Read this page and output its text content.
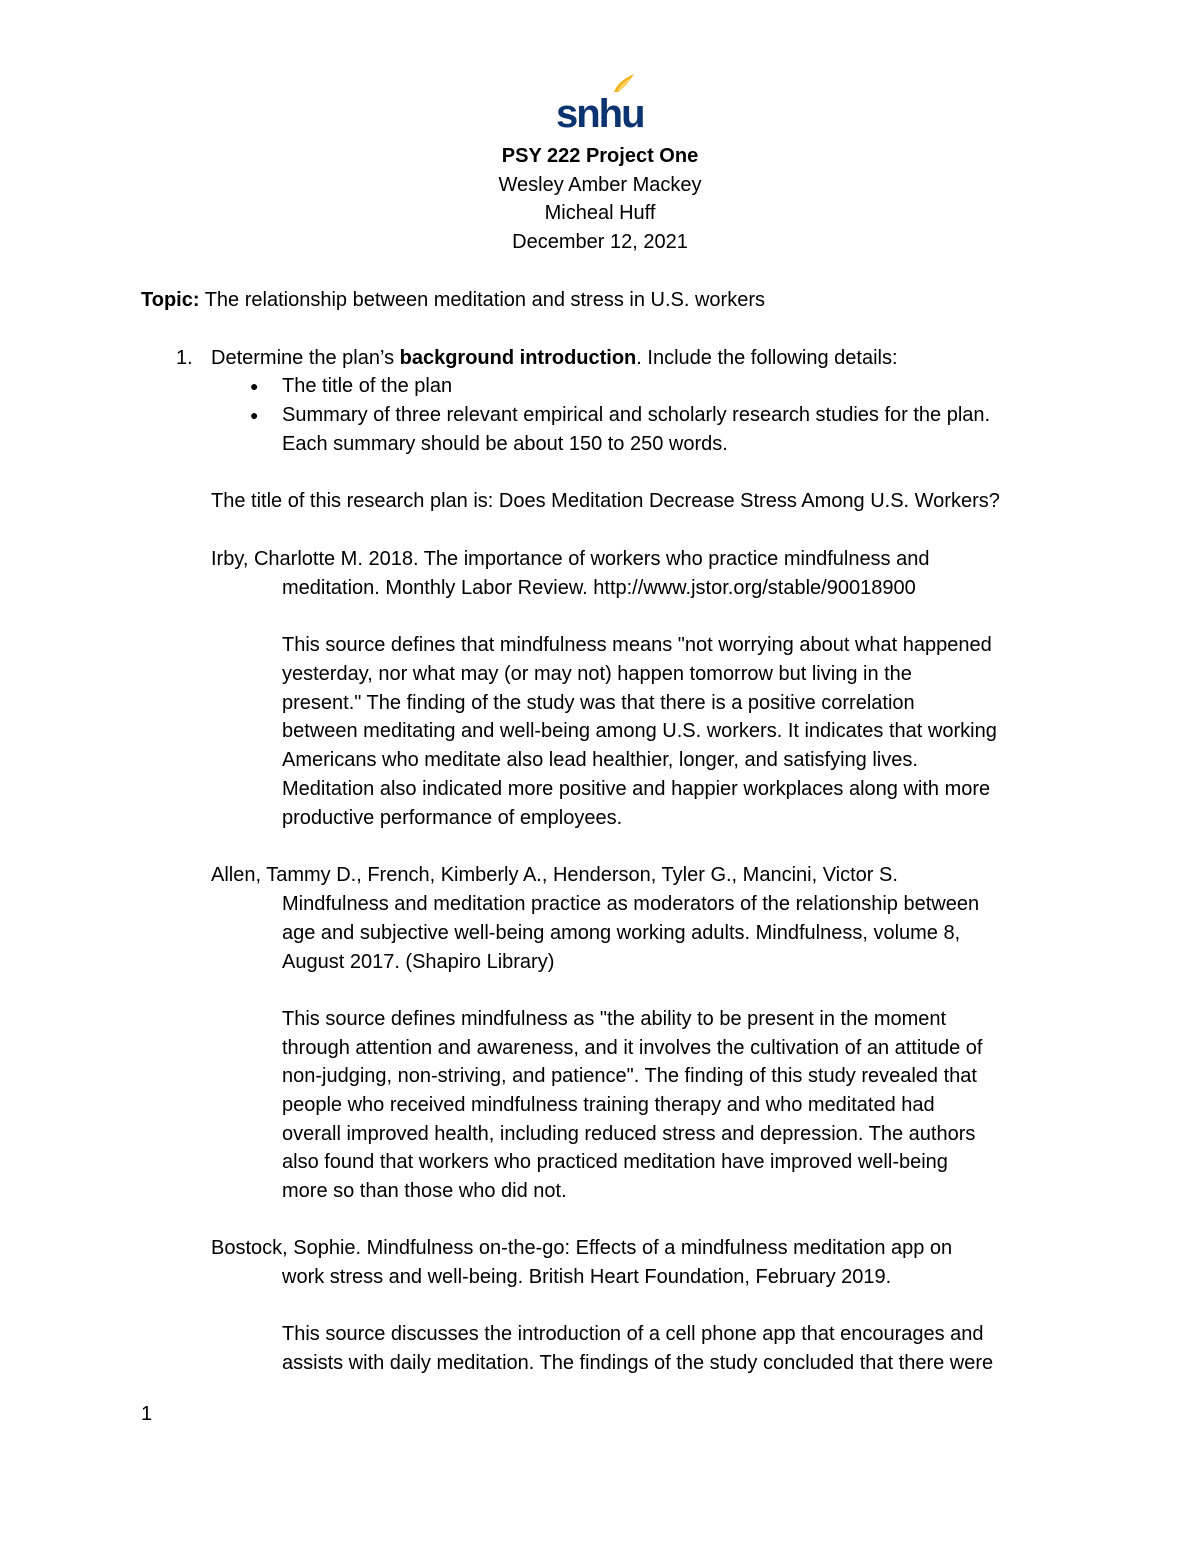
snhu
PSY 222 Project One
Wesley Amber Mackey
Micheal Huff
December 12, 2021
Topic: The relationship between meditation and stress in U.S. workers
1. Determine the plan’s background introduction. Include the following details:
● The title of the plan
● Summary of three relevant empirical and scholarly research studies for the plan.
Each summary should be about 150 to 250 words.
The title of this research plan is: Does Meditation Decrease Stress Among U.S. Workers?
Irby, Charlotte M. 2018. The importance of workers who practice mindfulness and
meditation. Monthly Labor Review. http://www.jstor.org/stable/90018900
This source defines that mindfulness means "not worrying about what happened
yesterday, nor what may (or may not) happen tomorrow but living in the
present." The finding of the study was that there is a positive correlation
between meditating and well-being among U.S. workers. It indicates that working
Americans who meditate also lead healthier, longer, and satisfying lives.
Meditation also indicated more positive and happier workplaces along with more
productive performance of employees.
Allen, Tammy D., French, Kimberly A., Henderson, Tyler G., Mancini, Victor S.
Mindfulness and meditation practice as moderators of the relationship between
age and subjective well-being among working adults. Mindfulness, volume 8,
August 2017. (Shapiro Library)
This source defines mindfulness as "the ability to be present in the moment
through attention and awareness, and it involves the cultivation of an attitude of
non-judging, non-striving, and patience". The finding of this study revealed that
people who received mindfulness training therapy and who meditated had
overall improved health, including reduced stress and depression. The authors
also found that workers who practiced meditation have improved well-being
more so than those who did not.
Bostock, Sophie. Mindfulness on-the-go: Effects of a mindfulness meditation app on
work stress and well-being. British Heart Foundation, February 2019.
This source discusses the introduction of a cell phone app that encourages and
assists with daily meditation. The findings of the study concluded that there were
1
